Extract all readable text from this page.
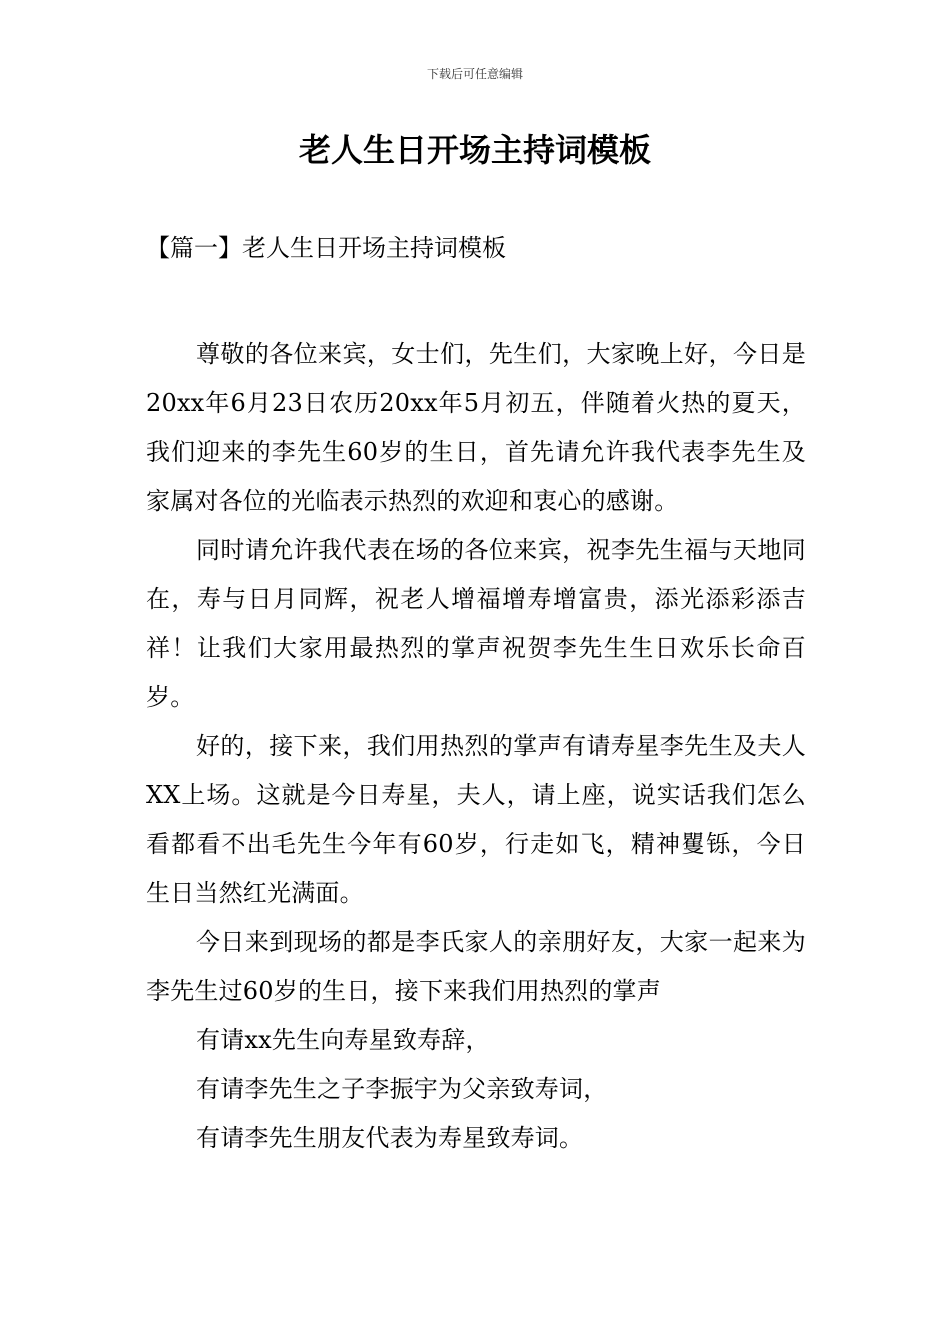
下载后可任意编辑
老人生日开场主持词模板
【篇一】老人生日开场主持词模板

尊敬的各位来宾，女士们，先生们，大家晚上好，今日是20xx年6月23日农历20xx年5月初五，伴随着火热的夏天，我们迎来的李先生60岁的生日，首先请允许我代表李先生及家属对各位的光临表示热烈的欢迎和衷心的感谢。

同时请允许我代表在场的各位来宾，祝李先生福与天地同在，寿与日月同辉，祝老人增福增寿增富贵，添光添彩添吉祥！让我们大家用最热烈的掌声祝贺李先生生日欢乐长命百岁。

好的，接下来，我们用热烈的掌声有请寿星李先生及夫人XX上场。这就是今日寿星，夫人，请上座，说实话我们怎么看都看不出毛先生今年有60岁，行走如飞，精神矍铄，今日生日当然红光满面。

今日来到现场的都是李氏家人的亲朋好友，大家一起来为李先生过60岁的生日，接下来我们用热烈的掌声

有请xx先生向寿星致寿辞，

有请李先生之子李振宇为父亲致寿词，

有请李先生朋友代表为寿星致寿词。
